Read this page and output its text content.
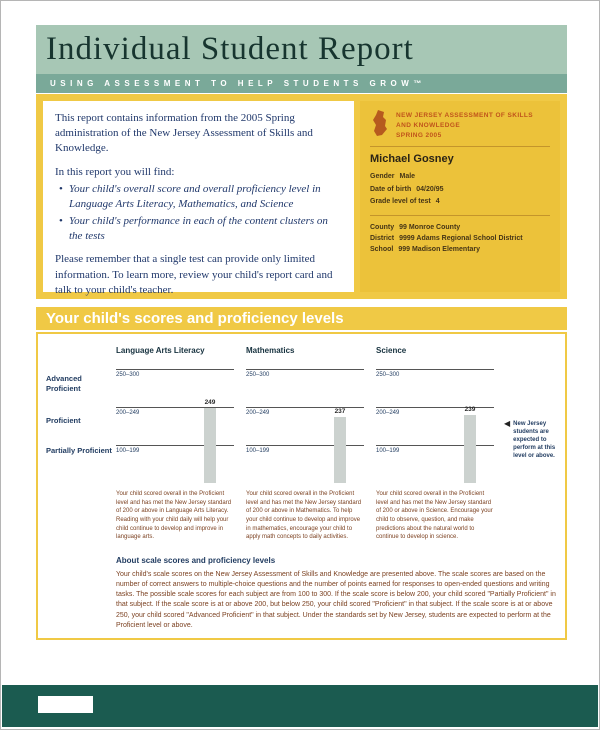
Individual Student Report
USING ASSESSMENT TO HELP STUDENTS GROW™

This report contains information from the 2005 Spring administration of the New Jersey Assessment of Skills and Knowledge.

In this report you will find:

• Your child's overall score and overall proficiency level in Language Arts Literacy, Mathematics, and Science
• Your child's performance in each of the content clusters on the tests

Please remember that a single test can provide only limited information. To learn more, review your child's report card and talk to your child's teacher.

NEW JERSEY ASSESSMENT OF SKILLS AND KNOWLEDGE
SPRING 2005
Michael Gosney
Gender Male
Date of birth 04/20/95
Grade level of test 4
County 99 Monroe County
District 9999 Adams Regional School District
School 999 Madison Elementary
Your child's scores and proficiency levels
Advanced Proficient
Proficient
Partially Proficient
Language Arts Literacy
250–300
200–249
100–199
249
Mathematics
250–300
200–249
100–199
237
Science
250–300
200–249
100–199
239
◀ New Jersey students are expected to perform at this level or above.
Your child scored overall in the Proficient level and has met the New Jersey standard of 200 or above in Language Arts Literacy. Reading with your child daily will help your child continue to develop and improve in language arts.
Your child scored overall in the Proficient level and has met the New Jersey standard of 200 or above in Mathematics. To help your child continue to develop and improve in mathematics, encourage your child to apply math concepts to daily activities.
Your child scored overall in the Proficient level and has met the New Jersey standard of 200 or above in Science. Encourage your child to observe, question, and make predictions about the natural world to continue to develop in science.
About scale scores and proficiency levels

Your child's scale scores on the New Jersey Assessment of Skills and Knowledge are presented above. The scale scores are based on the number of correct answers to multiple-choice questions and the number of points earned for responses to open-ended questions and writing tasks. The possible scale scores for each subject are from 100 to 300. If the scale score is below 200, your child scored "Partially Proficient" in that subject. If the scale score is at or above 200, but below 250, your child scored "Proficient" in that subject. If the scale score is at or above 250, your child scored "Advanced Proficient" in that subject. Under the standards set by New Jersey, students are expected to perform at the Proficient level or above.
